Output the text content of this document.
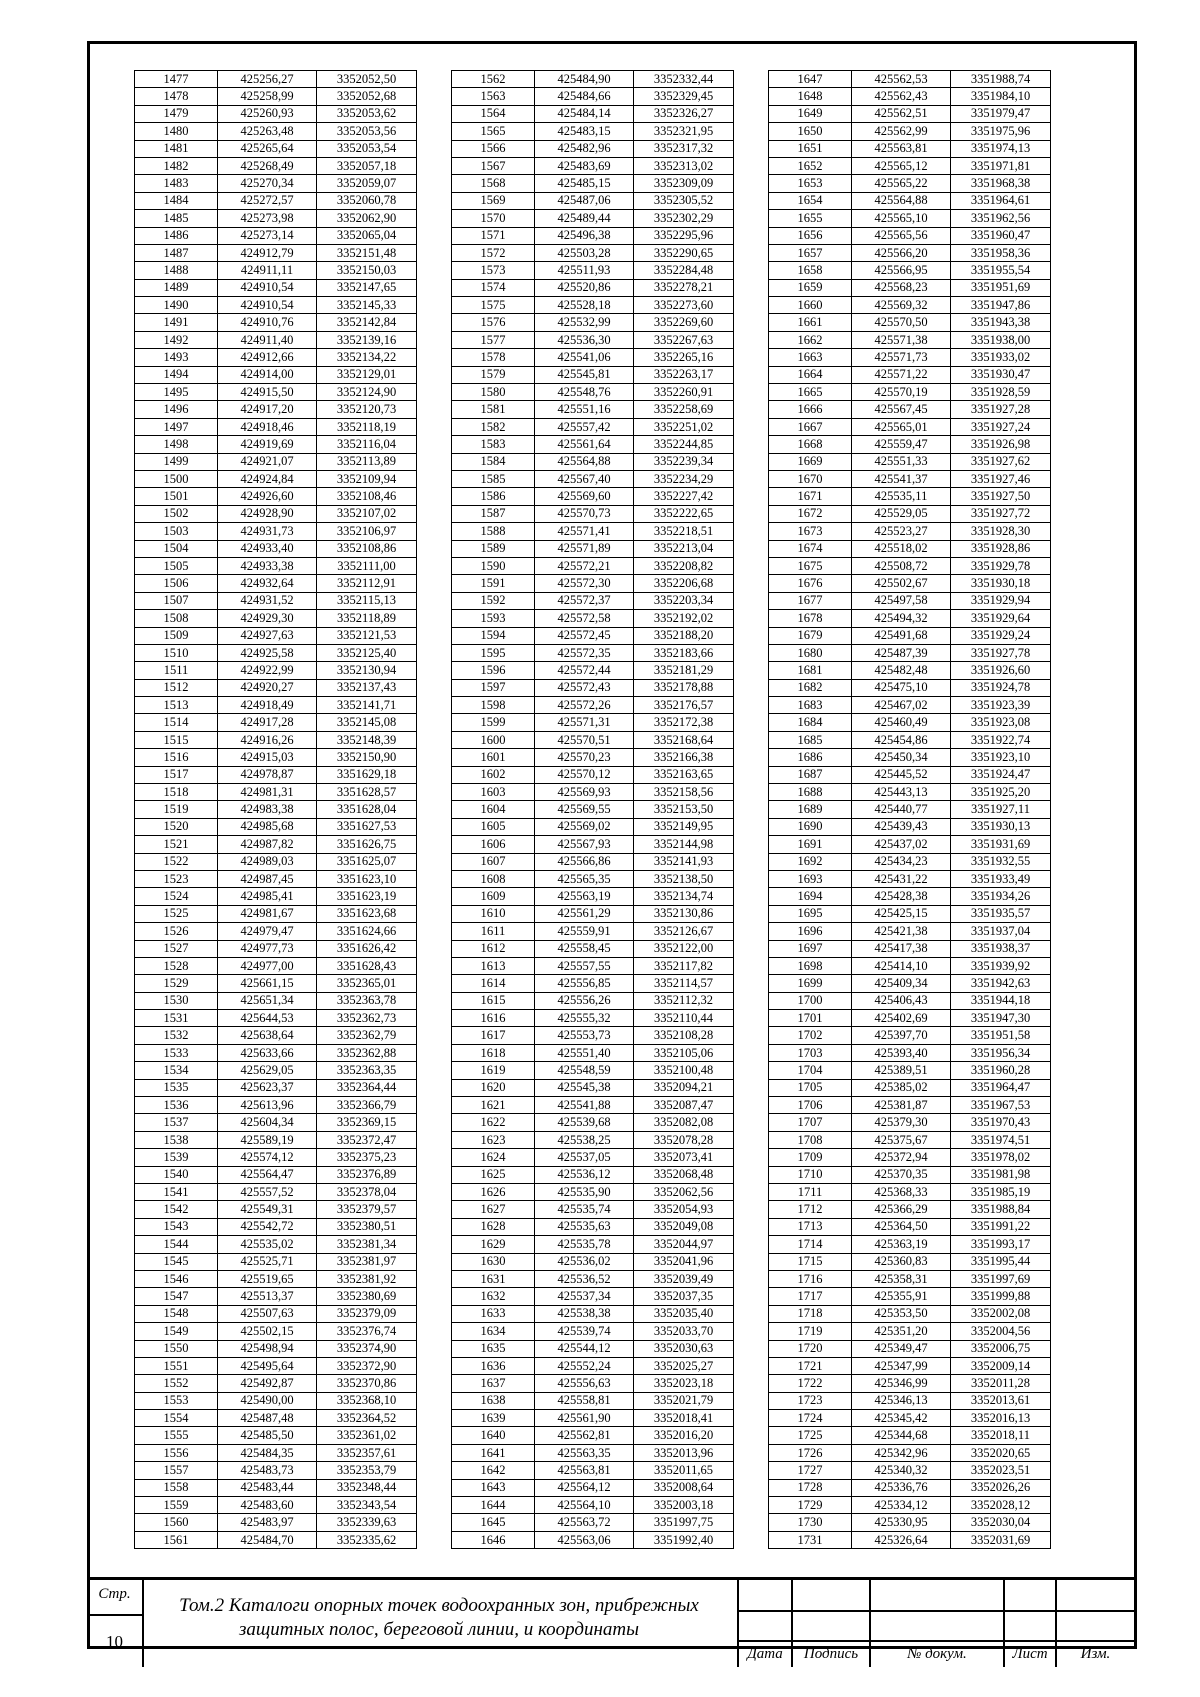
1477	425256,27	3352052,50
1478	425258,99	3352052,68
1479	425260,93	3352053,62
1480	425263,48	3352053,56
1481	425265,64	3352053,54
1482	425268,49	3352057,18
1483	425270,34	3352059,07
1484	425272,57	3352060,78
1485	425273,98	3352062,90
1486	425273,14	3352065,04
1487	424912,79	3352151,48
1488	424911,11	3352150,03
1489	424910,54	3352147,65
1490	424910,54	3352145,33
1491	424910,76	3352142,84
1492	424911,40	3352139,16
1493	424912,66	3352134,22
1494	424914,00	3352129,01
1495	424915,50	3352124,90
1496	424917,20	3352120,73
1497	424918,46	3352118,19
1498	424919,69	3352116,04
1499	424921,07	3352113,89
1500	424924,84	3352109,94
1501	424926,60	3352108,46
1502	424928,90	3352107,02
1503	424931,73	3352106,97
1504	424933,40	3352108,86
1505	424933,38	3352111,00
1506	424932,64	3352112,91
1507	424931,52	3352115,13
1508	424929,30	3352118,89
1509	424927,63	3352121,53
1510	424925,58	3352125,40
1511	424922,99	3352130,94
1512	424920,27	3352137,43
1513	424918,49	3352141,71
1514	424917,28	3352145,08
1515	424916,26	3352148,39
1516	424915,03	3352150,90
1517	424978,87	3351629,18
1518	424981,31	3351628,57
1519	424983,38	3351628,04
1520	424985,68	3351627,53
1521	424987,82	3351626,75
1522	424989,03	3351625,07
1523	424987,45	3351623,10
1524	424985,41	3351623,19
1525	424981,67	3351623,68
1526	424979,47	3351624,66
1527	424977,73	3351626,42
1528	424977,00	3351628,43
1529	425661,15	3352365,01
1530	425651,34	3352363,78
1531	425644,53	3352362,73
1532	425638,64	3352362,79
1533	425633,66	3352362,88
1534	425629,05	3352363,35
1535	425623,37	3352364,44
1536	425613,96	3352366,79
1537	425604,34	3352369,15
1538	425589,19	3352372,47
1539	425574,12	3352375,23
1540	425564,47	3352376,89
1541	425557,52	3352378,04
1542	425549,31	3352379,57
1543	425542,72	3352380,51
1544	425535,02	3352381,34
1545	425525,71	3352381,97
1546	425519,65	3352381,92
1547	425513,37	3352380,69
1548	425507,63	3352379,09
1549	425502,15	3352376,74
1550	425498,94	3352374,90
1551	425495,64	3352372,90
1552	425492,87	3352370,86
1553	425490,00	3352368,10
1554	425487,48	3352364,52
1555	425485,50	3352361,02
1556	425484,35	3352357,61
1557	425483,73	3352353,79
1558	425483,44	3352348,44
1559	425483,60	3352343,54
1560	425483,97	3352339,63
1561	425484,70	3352335,62
1562	425484,90	3352332,44
1563	425484,66	3352329,45
1564	425484,14	3352326,27
1565	425483,15	3352321,95
1566	425482,96	3352317,32
1567	425483,69	3352313,02
1568	425485,15	3352309,09
1569	425487,06	3352305,52
1570	425489,44	3352302,29
1571	425496,38	3352295,96
1572	425503,28	3352290,65
1573	425511,93	3352284,48
1574	425520,86	3352278,21
1575	425528,18	3352273,60
1576	425532,99	3352269,60
1577	425536,30	3352267,63
1578	425541,06	3352265,16
1579	425545,81	3352263,17
1580	425548,76	3352260,91
1581	425551,16	3352258,69
1582	425557,42	3352251,02
1583	425561,64	3352244,85
1584	425564,88	3352239,34
1585	425567,40	3352234,29
1586	425569,60	3352227,42
1587	425570,73	3352222,65
1588	425571,41	3352218,51
1589	425571,89	3352213,04
1590	425572,21	3352208,82
1591	425572,30	3352206,68
1592	425572,37	3352203,34
1593	425572,58	3352192,02
1594	425572,45	3352188,20
1595	425572,35	3352183,66
1596	425572,44	3352181,29
1597	425572,43	3352178,88
1598	425572,26	3352176,57
1599	425571,31	3352172,38
1600	425570,51	3352168,64
1601	425570,23	3352166,38
1602	425570,12	3352163,65
1603	425569,93	3352158,56
1604	425569,55	3352153,50
1605	425569,02	3352149,95
1606	425567,93	3352144,98
1607	425566,86	3352141,93
1608	425565,35	3352138,50
1609	425563,19	3352134,74
1610	425561,29	3352130,86
1611	425559,91	3352126,67
1612	425558,45	3352122,00
1613	425557,55	3352117,82
1614	425556,85	3352114,57
1615	425556,26	3352112,32
1616	425555,32	3352110,44
1617	425553,73	3352108,28
1618	425551,40	3352105,06
1619	425548,59	3352100,48
1620	425545,38	3352094,21
1621	425541,88	3352087,47
1622	425539,68	3352082,08
1623	425538,25	3352078,28
1624	425537,05	3352073,41
1625	425536,12	3352068,48
1626	425535,90	3352062,56
1627	425535,74	3352054,93
1628	425535,63	3352049,08
1629	425535,78	3352044,97
1630	425536,02	3352041,96
1631	425536,52	3352039,49
1632	425537,34	3352037,35
1633	425538,38	3352035,40
1634	425539,74	3352033,70
1635	425544,12	3352030,63
1636	425552,24	3352025,27
1637	425556,63	3352023,18
1638	425558,81	3352021,79
1639	425561,90	3352018,41
1640	425562,81	3352016,20
1641	425563,35	3352013,96
1642	425563,81	3352011,65
1643	425564,12	3352008,64
1644	425564,10	3352003,18
1645	425563,72	3351997,75
1646	425563,06	3351992,40
1647	425562,53	3351988,74
1648	425562,43	3351984,10
1649	425562,51	3351979,47
1650	425562,99	3351975,96
1651	425563,81	3351974,13
1652	425565,12	3351971,81
1653	425565,22	3351968,38
1654	425564,88	3351964,61
1655	425565,10	3351962,56
1656	425565,56	3351960,47
1657	425566,20	3351958,36
1658	425566,95	3351955,54
1659	425568,23	3351951,69
1660	425569,32	3351947,86
1661	425570,50	3351943,38
1662	425571,38	3351938,00
1663	425571,73	3351933,02
1664	425571,22	3351930,47
1665	425570,19	3351928,59
1666	425567,45	3351927,28
1667	425565,01	3351927,24
1668	425559,47	3351926,98
1669	425551,33	3351927,62
1670	425541,37	3351927,46
1671	425535,11	3351927,50
1672	425529,05	3351927,72
1673	425523,27	3351928,30
1674	425518,02	3351928,86
1675	425508,72	3351929,78
1676	425502,67	3351930,18
1677	425497,58	3351929,94
1678	425494,32	3351929,64
1679	425491,68	3351929,24
1680	425487,39	3351927,78
1681	425482,48	3351926,60
1682	425475,10	3351924,78
1683	425467,02	3351923,39
1684	425460,49	3351923,08
1685	425454,86	3351922,74
1686	425450,34	3351923,10
1687	425445,52	3351924,47
1688	425443,13	3351925,20
1689	425440,77	3351927,11
1690	425439,43	3351930,13
1691	425437,02	3351931,69
1692	425434,23	3351932,55
1693	425431,22	3351933,49
1694	425428,38	3351934,26
1695	425425,15	3351935,57
1696	425421,38	3351937,04
1697	425417,38	3351938,37
1698	425414,10	3351939,92
1699	425409,34	3351942,63
1700	425406,43	3351944,18
1701	425402,69	3351947,30
1702	425397,70	3351951,58
1703	425393,40	3351956,34
1704	425389,51	3351960,28
1705	425385,02	3351964,47
1706	425381,87	3351967,53
1707	425379,30	3351970,43
1708	425375,67	3351974,51
1709	425372,94	3351978,02
1710	425370,35	3351981,98
1711	425368,33	3351985,19
1712	425366,29	3351988,84
1713	425364,50	3351991,22
1714	425363,19	3351993,17
1715	425360,83	3351995,44
1716	425358,31	3351997,69
1717	425355,91	3351999,88
1718	425353,50	3352002,08
1719	425351,20	3352004,56
1720	425349,47	3352006,75
1721	425347,99	3352009,14
1722	425346,99	3352011,28
1723	425346,13	3352013,61
1724	425345,42	3352016,13
1725	425344,68	3352018,11
1726	425342,96	3352020,65
1727	425340,32	3352023,51
1728	425336,76	3352026,26
1729	425334,12	3352028,12
1730	425330,95	3352030,04
1731	425326,64	3352031,69
Стр.
10
Том.2 Каталоги опорных точек водоохранных зон, прибрежных защитных полос, береговой линии, и координаты
Дата	Подпись	№ докум.	Лист	Изм.
